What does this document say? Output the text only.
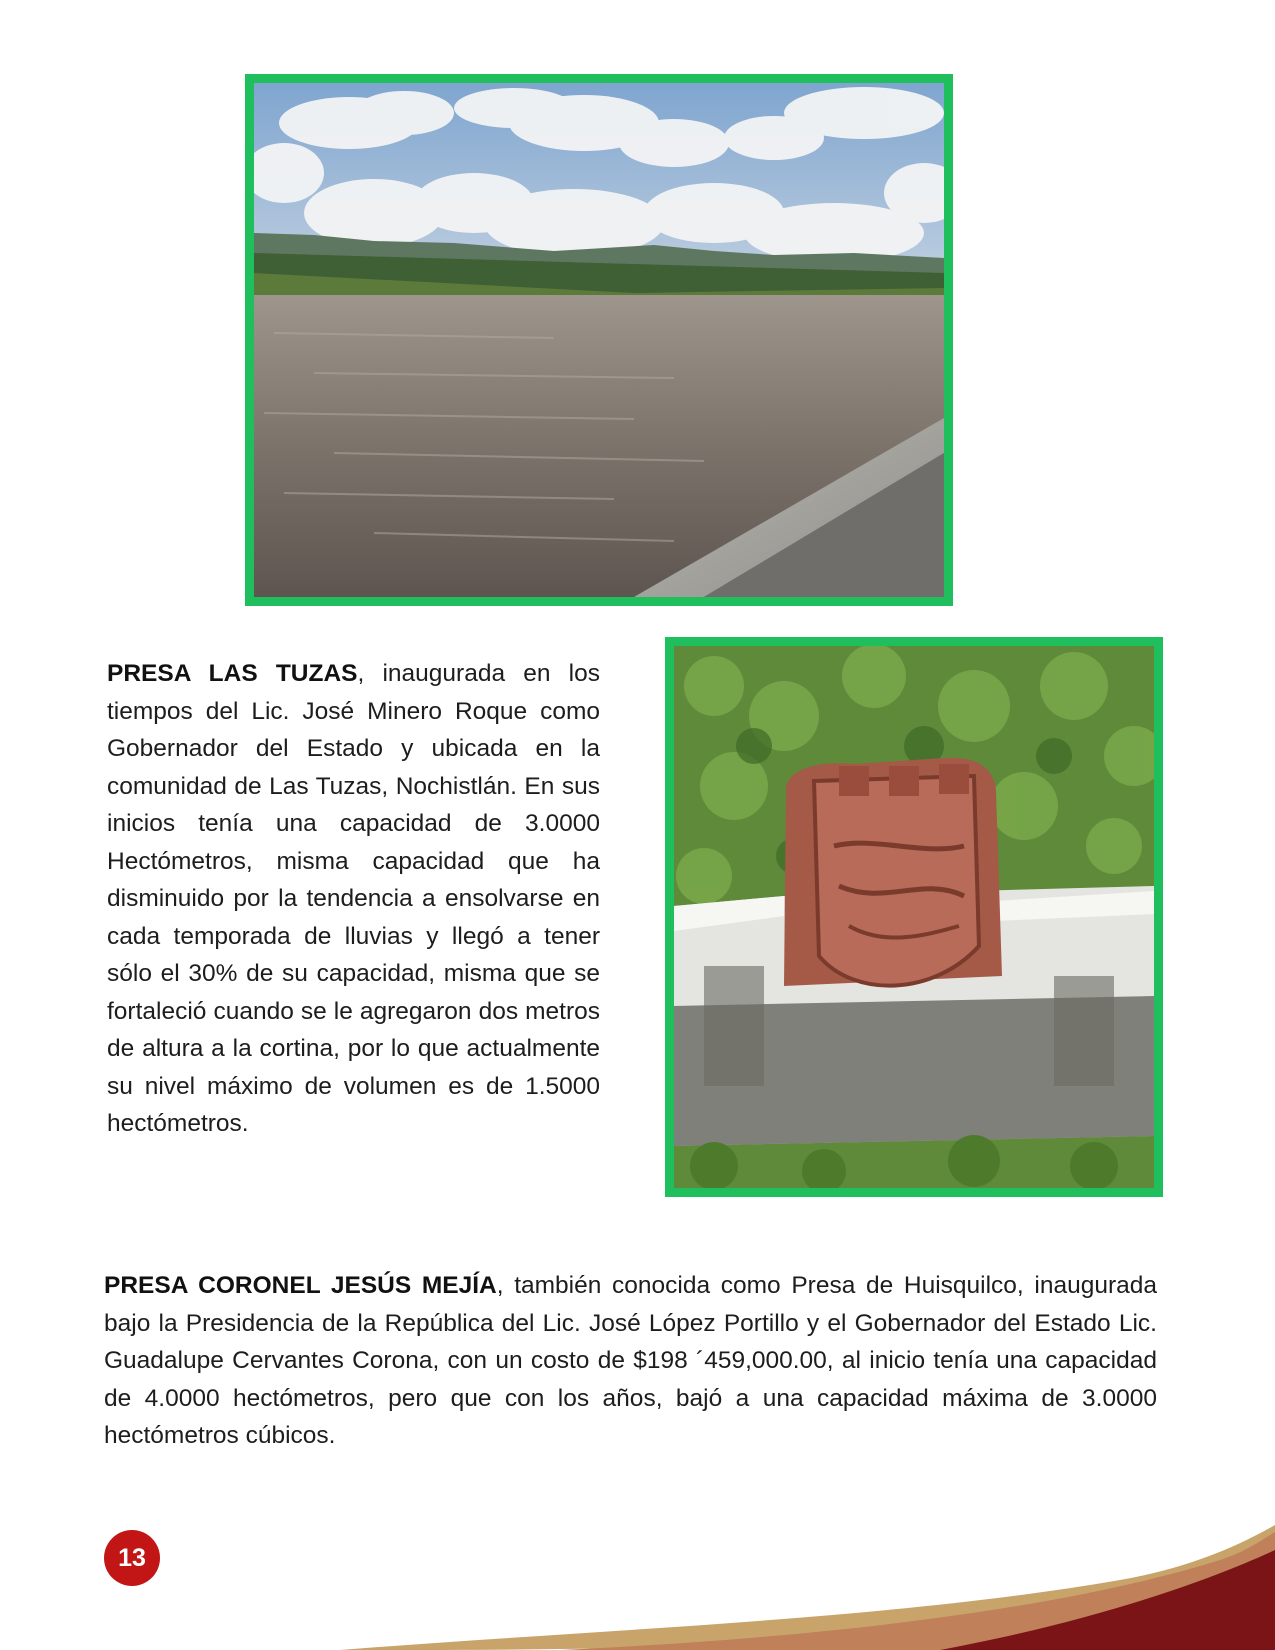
PRESA LAS TUZAS, inaugurada en los tiempos del Lic. José Minero Roque como Gobernador del Estado y ubicada en la comunidad de Las Tuzas, Nochistlán. En sus inicios tenía una capacidad de 3.0000 Hectómetros, misma capacidad que ha disminuido por la tendencia a ensolvarse en cada temporada de lluvias y llegó a tener sólo el 30% de su capacidad, misma que se fortaleció cuando se le agregaron dos metros de altura a la cortina, por lo que actualmente su nivel máximo de volumen es de 1.5000 hectómetros.

PRESA CORONEL JESÚS MEJÍA, también conocida como Presa de Huisquilco, inaugurada bajo la Presidencia de la República del Lic. José López Portillo y el Gobernador del Estado Lic. Guadalupe Cervantes Corona, con un costo de $198 ´459,000.00, al inicio tenía una capacidad de 4.0000 hectómetros, pero que con los años, bajó a una capacidad máxima de 3.0000 hectómetros cúbicos.

13
